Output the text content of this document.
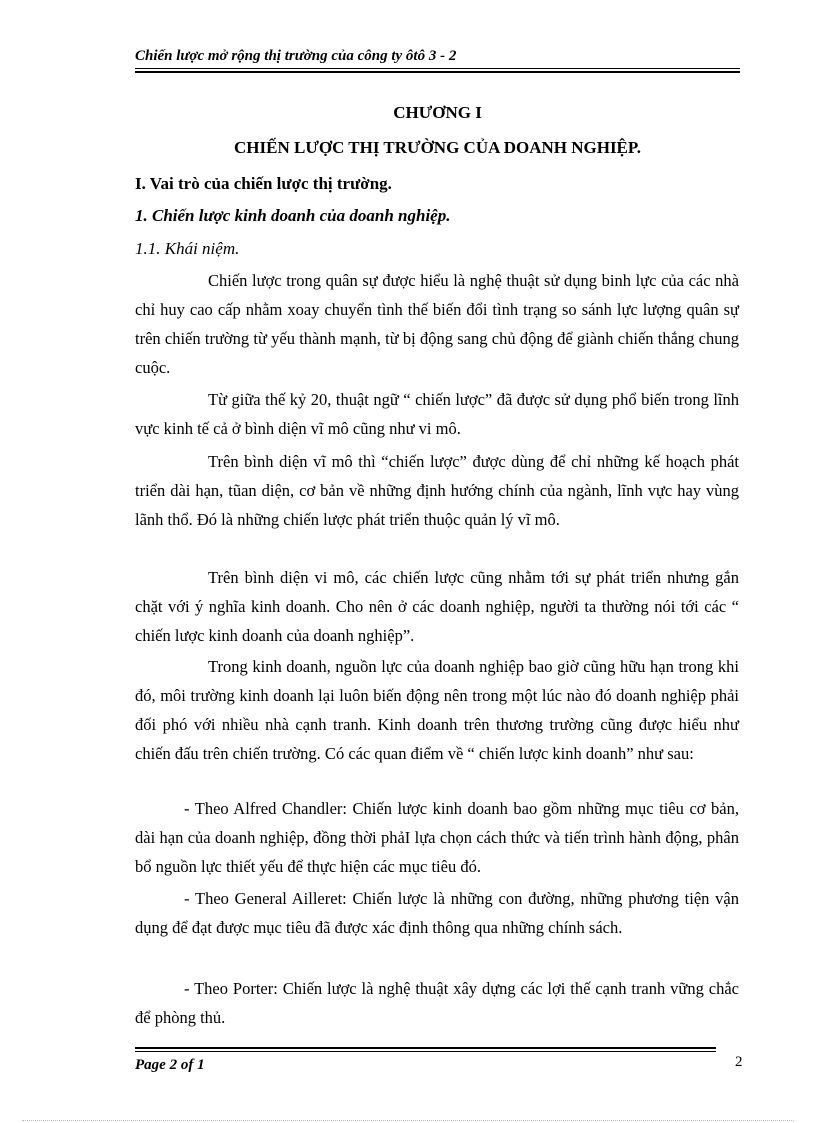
Chiến lược mở rộng thị trường của công ty ôtô 3 - 2
CHƯƠNG I
CHIẾN LƯỢC THỊ TRƯỜNG CỦA DOANH NGHIỆP.
I. Vai trò của chiến lược thị trường.
1. Chiến lược kinh doanh của doanh nghiệp.
1.1. Khái niệm.
Chiến lược trong quân sự được hiểu là nghệ thuật sử dụng binh lực của các nhà chỉ huy cao cấp nhằm xoay chuyển tình thế biến đổi tình trạng so sánh lực lượng quân sự trên chiến trường từ yếu thành mạnh, từ bị động sang chủ động để giành chiến thắng chung cuộc.
Từ giữa thế kỷ 20, thuật ngữ “ chiến lược” đã được sử dụng phổ biến trong lĩnh vực kinh tế cả ở bình diện vĩ mô cũng như vi mô.
Trên bình diện vĩ mô thì “chiến lược” được dùng để chỉ những kế hoạch phát triển dài hạn, tũan diện, cơ bản về những định hướng chính của ngành, lĩnh vực hay vùng lãnh thổ. Đó là những chiến lược phát triển thuộc quản lý vĩ mô.
Trên bình diện vi mô, các chiến lược cũng nhằm tới sự phát triển nhưng gắn chặt với ý nghĩa kinh doanh. Cho nên ở các doanh nghiệp, người ta thường nói tới các “ chiến lược kinh doanh của doanh nghiệp”.
Trong kinh doanh, nguồn lực của doanh nghiệp bao giờ cũng hữu hạn trong khi đó, môi trường kinh doanh lại luôn biến động nên trong một lúc nào đó doanh nghiệp phải đối phó với nhiều nhà cạnh tranh. Kinh doanh trên thương trường cũng được hiểu như chiến đấu trên chiến trường. Có các quan điểm về “ chiến lược kinh doanh” như sau:
- Theo Alfred Chandler: Chiến lược kinh doanh bao gồm những mục tiêu cơ bản, dài hạn của doanh nghiệp, đồng thời phảI lựa chọn cách thức và tiến trình hành động, phân bổ nguồn lực thiết yếu để thực hiện các mục tiêu đó.
- Theo General Ailleret: Chiến lược là những con đường, những phương tiện vận dụng để đạt được mục tiêu đã được xác định thông qua những chính sách.
- Theo Porter: Chiến lược là nghệ thuật xây dựng các lợi thế cạnh tranh vững chắc để phòng thủ.
Page 2 of 1	2
